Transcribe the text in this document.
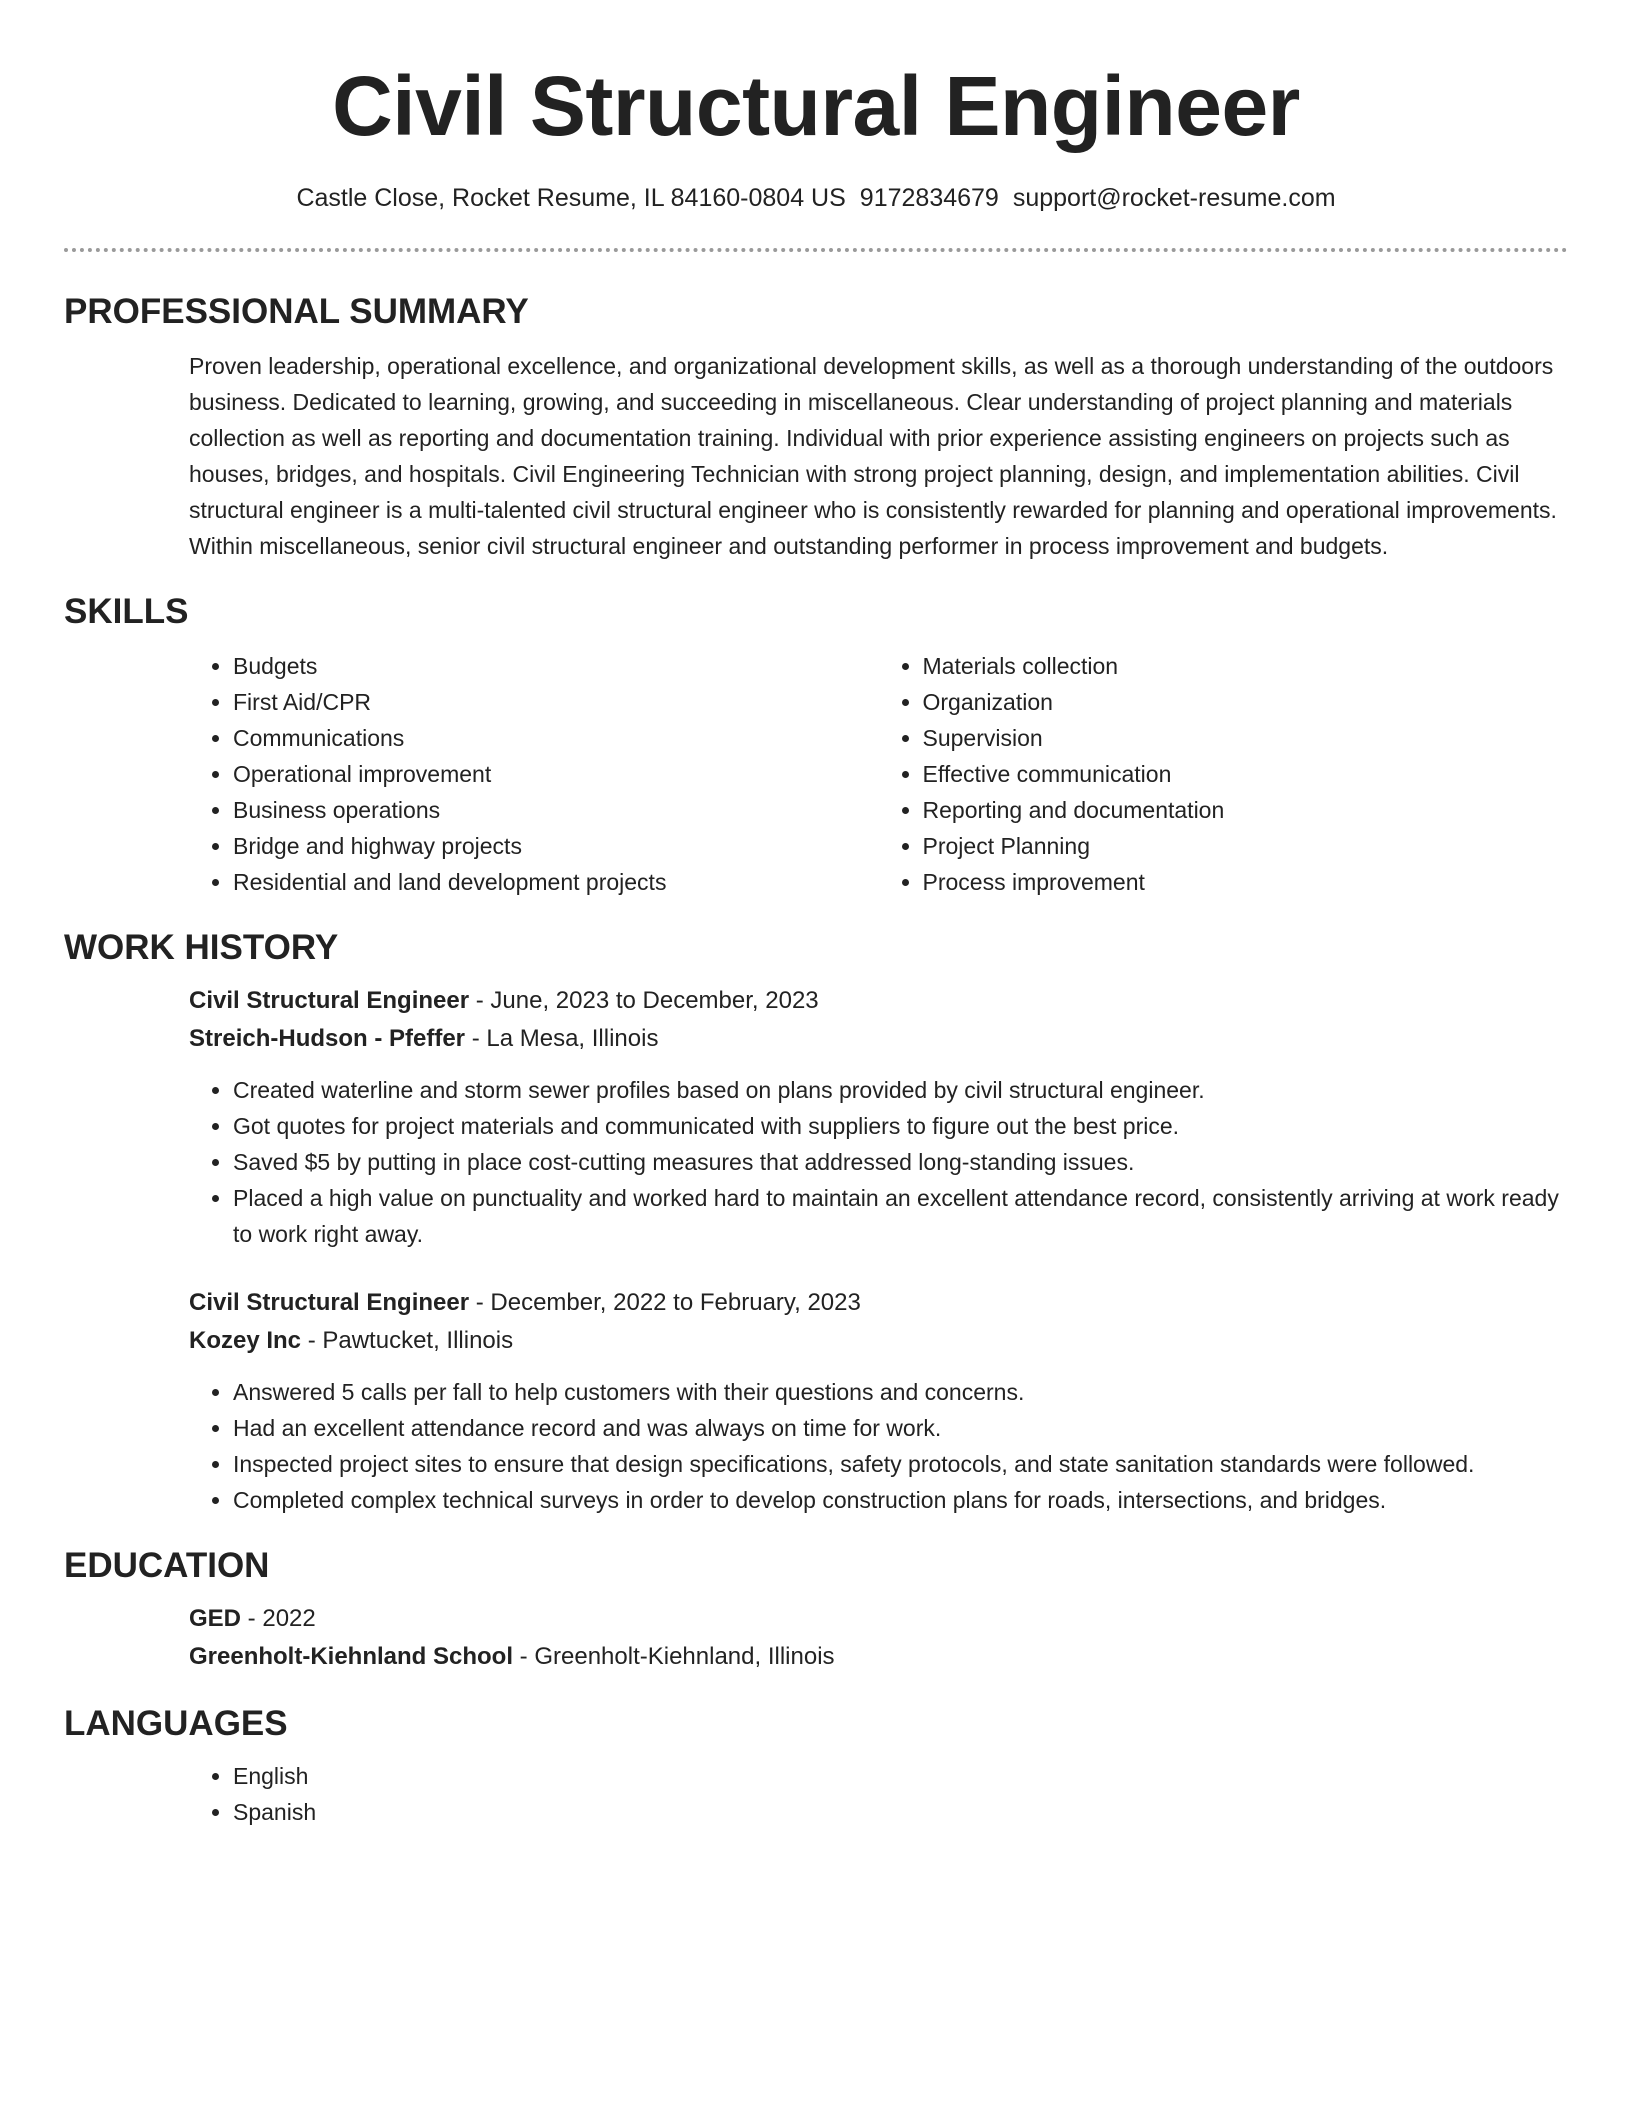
Civil Structural Engineer
Castle Close, Rocket Resume, IL 84160-0804 US 9172834679 support@rocket-resume.com
PROFESSIONAL SUMMARY

Proven leadership, operational excellence, and organizational development skills, as well as a thorough understanding of the outdoors business. Dedicated to learning, growing, and succeeding in miscellaneous. Clear understanding of project planning and materials collection as well as reporting and documentation training. Individual with prior experience assisting engineers on projects such as houses, bridges, and hospitals. Civil Engineering Technician with strong project planning, design, and implementation abilities. Civil structural engineer is a multi-talented civil structural engineer who is consistently rewarded for planning and operational improvements. Within miscellaneous, senior civil structural engineer and outstanding performer in process improvement and budgets.

SKILLS
• Budgets
• First Aid/CPR
• Communications
• Operational improvement
• Business operations
• Bridge and highway projects
• Residential and land development projects
• Materials collection
• Organization
• Supervision
• Effective communication
• Reporting and documentation
• Project Planning
• Process improvement
WORK HISTORY
Civil Structural Engineer - June, 2023 to December, 2023
Streich-Hudson - Pfeffer - La Mesa, Illinois
• Created waterline and storm sewer profiles based on plans provided by civil structural engineer.
• Got quotes for project materials and communicated with suppliers to figure out the best price.
• Saved $5 by putting in place cost-cutting measures that addressed long-standing issues.
• Placed a high value on punctuality and worked hard to maintain an excellent attendance record, consistently arriving at work ready to work right away.
Civil Structural Engineer - December, 2022 to February, 2023
Kozey Inc - Pawtucket, Illinois
• Answered 5 calls per fall to help customers with their questions and concerns.
• Had an excellent attendance record and was always on time for work.
• Inspected project sites to ensure that design specifications, safety protocols, and state sanitation standards were followed.
• Completed complex technical surveys in order to develop construction plans for roads, intersections, and bridges.
EDUCATION
GED - 2022
Greenholt-Kiehnland School - Greenholt-Kiehnland, Illinois
LANGUAGES
• English
• Spanish
